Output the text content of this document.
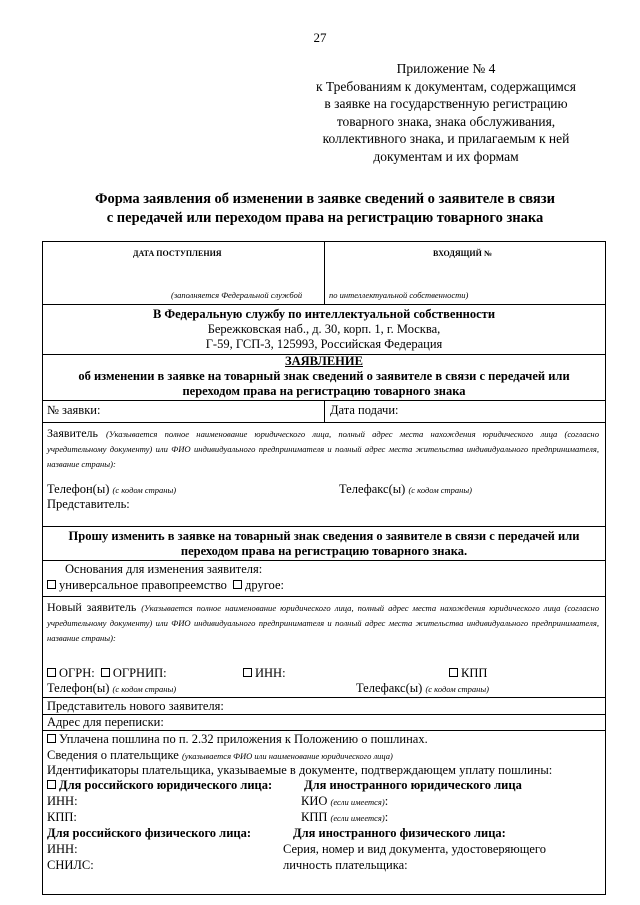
27
Приложение № 4
к Требованиям к документам, содержащимся
в заявке на государственную регистрацию
товарного знака, знака обслуживания,
коллективного знака, и прилагаемым к ней
документам и их формам
Форма заявления об изменении в заявке сведений о заявителе в связи
с передачей или переходом права на регистрацию товарного знака
ДАТА ПОСТУПЛЕНИЯ	ВХОДЯЩИЙ №
(заполняется Федеральной службой	по интеллектуальной собственности)
В Федеральную службу по интеллектуальной собственности
Бережковская наб., д. 30, корп. 1, г. Москва,
Г-59, ГСП-3, 125993, Российская Федерация
ЗАЯВЛЕНИЕ
об изменении в заявке на товарный знак сведений о заявителе в связи с передачей или
переходом права на регистрацию товарного знака
№ заявки:	Дата подачи:
Заявитель (Указывается полное наименование юридического лица, полный адрес места нахождения юридического лица (согласно учредительному документу) или ФИО индивидуального предпринимателя и полный адрес места жительства индивидуального предпринимателя, название страны):
Телефон(ы) (с кодом страны)	Телефакс(ы) (с кодом страны)
Представитель:
Прошу изменить в заявке на товарный знак сведения о заявителе в связи с передачей или
переходом права на регистрацию товарного знака.
Основания для изменения заявителя:
универсальное правопреемство другое:
Новый заявитель (Указывается полное наименование юридического лица, полный адрес места нахождения юридического лица (согласно учредительному документу) или ФИО индивидуального предпринимателя и полный адрес места жительства индивидуального предпринимателя, название страны):
ОГРН: ОГРНИП:	ИНН:	КПП
Телефон(ы) (с кодом страны)	Телефакс(ы) (с кодом страны)
Представитель нового заявителя:
Адрес для переписки:
Уплачена пошлина по п. 2.32 приложения к Положению о пошлинах.
Сведения о плательщике (указывается ФИО или наименование юридического лица)
Идентификаторы плательщика, указываемые в документе, подтверждающем уплату пошлины:
Для российского юридического лица:	Для иностранного юридического лица
ИНН:	КИО (если имеется):
КПП:	КПП (если имеется):
Для российского физического лица:	Для иностранного физического лица:
ИНН:	Серия, номер и вид документа, удостоверяющего
СНИЛС:	личность плательщика:
